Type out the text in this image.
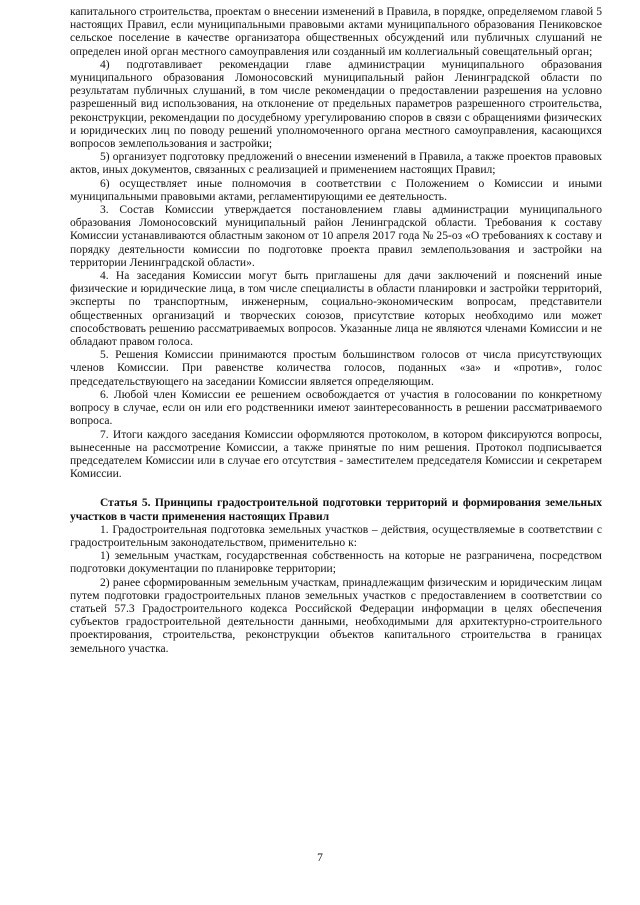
капитального строительства, проектам о внесении изменений в Правила, в порядке, определяемом главой 5 настоящих Правил, если муниципальными правовыми актами муниципального образования Пениковское сельское поселение в качестве организатора общественных обсуждений или публичных слушаний не определен иной орган местного самоуправления или созданный им коллегиальный совещательный орган;

4) подготавливает рекомендации главе администрации муниципального образования муниципального образования Ломоносовский муниципальный район Ленинградской области по результатам публичных слушаний, в том числе рекомендации о предоставлении разрешения на условно разрешенный вид использования, на отклонение от предельных параметров разрешенного строительства, реконструкции, рекомендации по досудебному урегулированию споров в связи с обращениями физических и юридических лиц по поводу решений уполномоченного органа местного самоуправления, касающихся вопросов землепользования и застройки;

5) организует подготовку предложений о внесении изменений в Правила, а также проектов правовых актов, иных документов, связанных с реализацией и применением настоящих Правил;

6) осуществляет иные полномочия в соответствии с Положением о Комиссии и иными муниципальными правовыми актами, регламентирующими ее деятельность.

3. Состав Комиссии утверждается постановлением главы администрации муниципального образования Ломоносовский муниципальный район Ленинградской области. Требования к составу Комиссии устанавливаются областным законом от 10 апреля 2017 года № 25-оз «О требованиях к составу и порядку деятельности комиссии по подготовке проекта правил землепользования и застройки на территории Ленинградской области».

4. На заседания Комиссии могут быть приглашены для дачи заключений и пояснений иные физические и юридические лица, в том числе специалисты в области планировки и застройки территорий, эксперты по транспортным, инженерным, социально-экономическим вопросам, представители общественных организаций и творческих союзов, присутствие которых необходимо или может способствовать решению рассматриваемых вопросов. Указанные лица не являются членами Комиссии и не обладают правом голоса.

5. Решения Комиссии принимаются простым большинством голосов от числа присутствующих членов Комиссии. При равенстве количества голосов, поданных «за» и «против», голос председательствующего на заседании Комиссии является определяющим.

6. Любой член Комиссии ее решением освобождается от участия в голосовании по конкретному вопросу в случае, если он или его родственники имеют заинтересованность в решении рассматриваемого вопроса.

7. Итоги каждого заседания Комиссии оформляются протоколом, в котором фиксируются вопросы, вынесенные на рассмотрение Комиссии, а также принятые по ним решения. Протокол подписывается председателем Комиссии или в случае его отсутствия - заместителем председателя Комиссии и секретарем Комиссии.

Статья 5. Принципы градостроительной подготовки территорий и формирования земельных участков в части применения настоящих Правил

1. Градостроительная подготовка земельных участков – действия, осуществляемые в соответствии с градостроительным законодательством, применительно к:

1) земельным участкам, государственная собственность на которые не разграничена, посредством подготовки документации по планировке территории;

2) ранее сформированным земельным участкам, принадлежащим физическим и юридическим лицам путем подготовки градостроительных планов земельных участков с предоставлением в соответствии со статьей 57.3 Градостроительного кодекса Российской Федерации информации в целях обеспечения субъектов градостроительной деятельности данными, необходимыми для архитектурно-строительного проектирования, строительства, реконструкции объектов капитального строительства в границах земельного участка.

7
